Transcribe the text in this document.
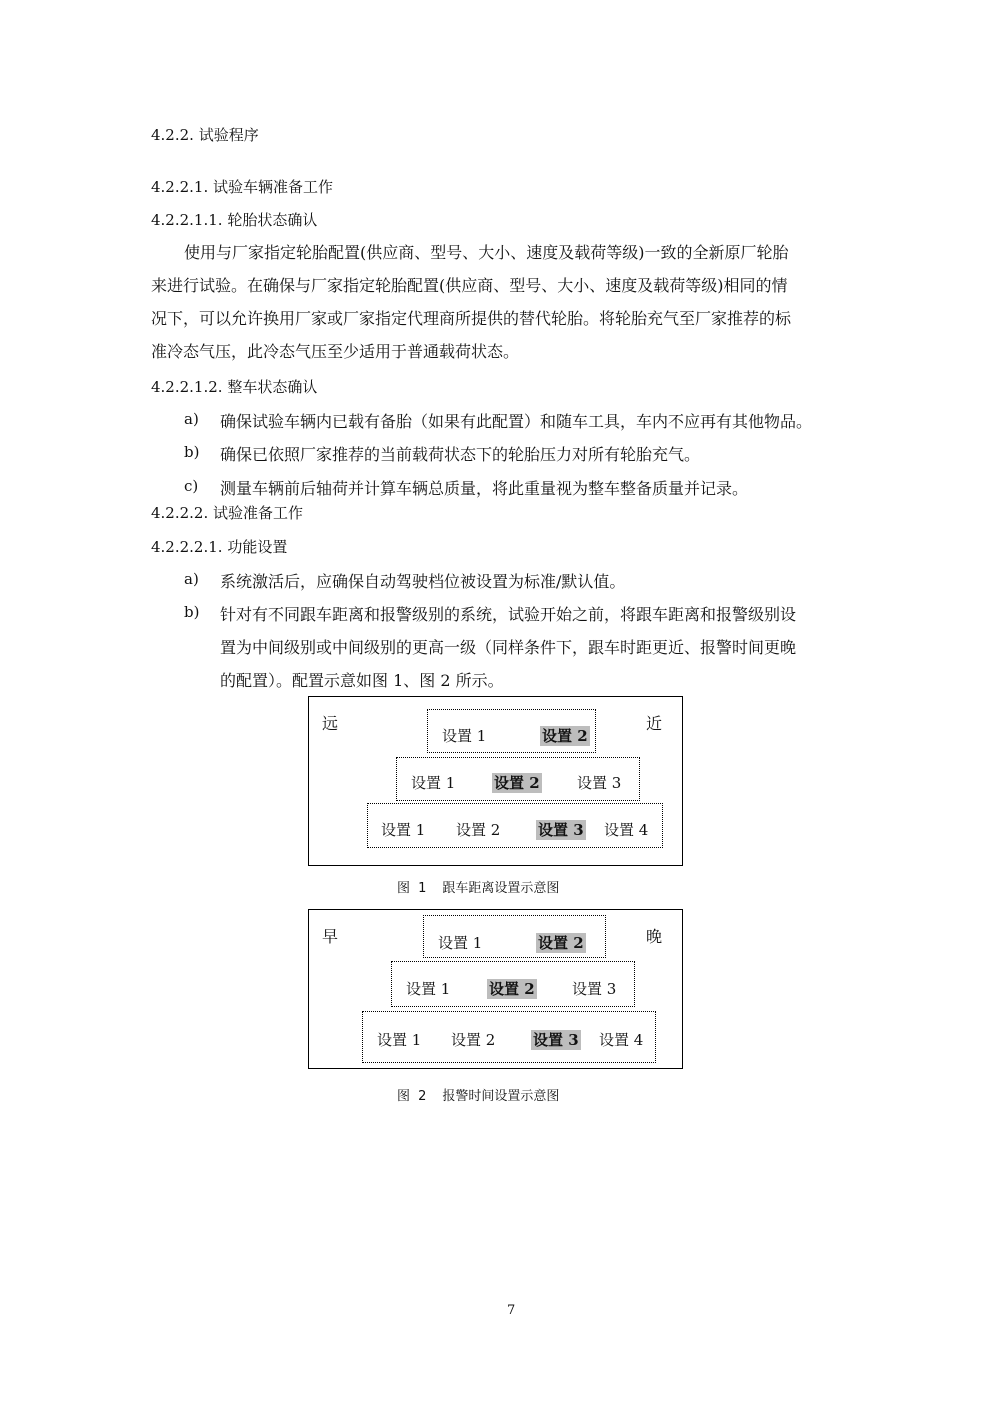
4.2.2. 试验程序
4.2.2.1. 试验车辆准备工作
4.2.2.1.1. 轮胎状态确认
使用与厂家指定轮胎配置(供应商、型号、大小、速度及载荷等级)一致的全新原厂轮胎
来进行试验。在确保与厂家指定轮胎配置(供应商、型号、大小、速度及载荷等级)相同的情
况下，可以允许换用厂家或厂家指定代理商所提供的替代轮胎。将轮胎充气至厂家推荐的标
准冷态气压，此冷态气压至少适用于普通载荷状态。
4.2.2.1.2. 整车状态确认
a) 确保试验车辆内已载有备胎（如果有此配置）和随车工具，车内不应再有其他物品。
b) 确保已依照厂家推荐的当前载荷状态下的轮胎压力对所有轮胎充气。
c) 测量车辆前后轴荷并计算车辆总质量，将此重量视为整车整备质量并记录。
4.2.2.2. 试验准备工作
4.2.2.2.1. 功能设置
a) 系统激活后，应确保自动驾驶档位被设置为标准/默认值。
b) 针对有不同跟车距离和报警级别的系统，试验开始之前，将跟车距离和报警级别设
置为中间级别或中间级别的更高一级（同样条件下，跟车时距更近、报警时间更晚
的配置）。配置示意如图 1、图 2 所示。
远	近
设置 1	设置 2
设置 1	设置 2 设置 3
设置 1 设置 2	设置 3 设置 4
图 1 跟车距离设置示意图
早	晚
设置 1	设置 2
设置 1	设置 2 设置 3
设置 1 设置 2	设置 3 设置 4
图 2 报警时间设置示意图
7
